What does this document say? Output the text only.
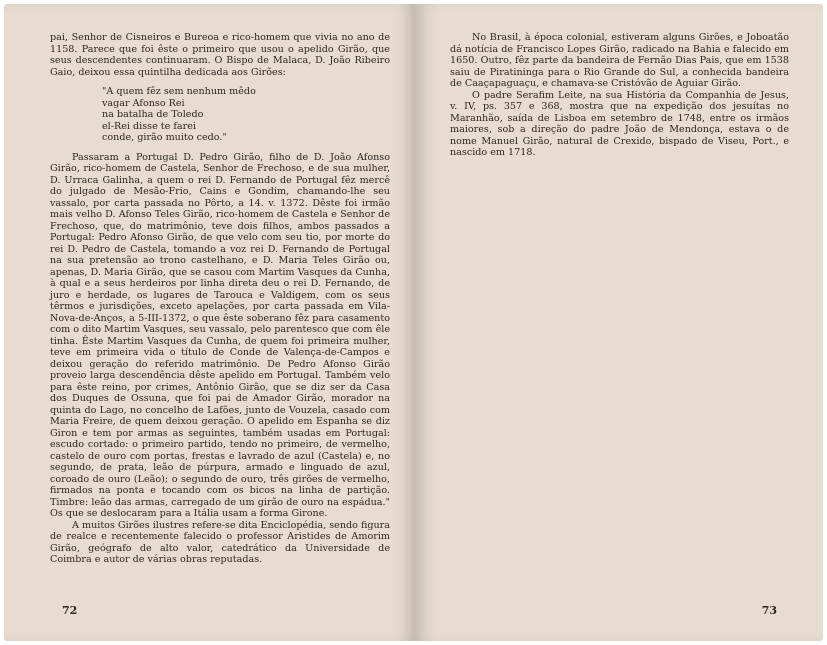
pai, Senhor de Cisneiros e Bureoa e rico-homem que vivia no ano de 1158. Parece que foi êste o primeiro que usou o apelido Girão, que seus descendentes continuaram. O Bispo de Malaca, D. João Ribeiro Gaio, deixou essa quintilha dedicada aos Girões:

"A quem fêz sem nenhum mêdo
vagar Afonso Rei
na batalha de Toledo
el-Rei disse te farei
conde, girão muito cedo."

Passaram a Portugal D. Pedro Girão, filho de D. João Afonso Girão, rico-homem de Castela, Senhor de Frechoso, e de sua mulher, D. Urraca Galinha, a quem o rei D. Fernando de Portugal fêz mercê do julgado de Mesão-Frio, Cains e Gondim, chamando-lhe seu vassalo, por carta passada no Pôrto, a 14. v. 1372. Dêste foi irmão mais velho D. Afonso Teles Girão, rico-homem de Castela e Senhor de Frechoso, que, do matrimônio, teve dois filhos, ambos passados a Portugal: Pedro Afonso Girão, de que velo com seu tio, por morte do rei D. Pedro de Castela, tomando a voz rei D. Fernando de Portugal na sua pretensão ao trono castelhano, e D. Maria Teles Girão ou, apenas, D. Maria Girão, que se casou com Martim Vasques da Cunha, à qual e a seus herdeiros por linha direta deu o rei D. Fernando, de juro e herdade, os lugares de Tarouca e Valdigem, com os seus têrmos e jurisdições, exceto apelações, por carta passada em Vila-Nova-de-Anços, a 5-III-1372, o que êste soberano fêz para casamento com o dito Martim Vasques, seu vassalo, pelo parentesco que com êle tinha. Êste Martim Vasques da Cunha, de quem foi primeira mulher, teve em primeira vida o título de Conde de Valença-de-Campos e deixou geração do referido matrimônio. De Pedro Afonso Girão proveio larga descendência dêste apelido em Portugal. Também velo para êste reino, por crimes, Antônio Girão, que se diz ser da Casa dos Duques de Ossuna, que foi pai de Amador Girão, morador na quinta do Lago, no concelho de Lafões, junto de Vouzela, casado com Maria Freire, de quem deixou geração. O apelido em Espanha se diz Giron e tem por armas as seguintes, também usadas em Portugal: escudo cortado: o primeiro partido, tendo no primeiro, de vermelho, castelo de ouro com portas, frestas e lavrado de azul (Castela) e, no segundo, de prata, leão de púrpura, armado e linguado de azul, coroado de ouro (Leão); o segundo de ouro, três girões de vermelho, firmados na ponta e tocando com os bicos na linha de partição. Timbre: leão das armas, carregado de um girão de ouro na espádua." Os que se deslocaram para a Itália usam a forma Girone.

A muitos Girões ilustres refere-se dita Enciclopédia, sendo figura de realce e recentemente falecido o professor Aristides de Amorim Girão, geógrafo de alto valor, catedrático da Universidade de Coimbra e autor de várias obras reputadas.

72

No Brasil, à época colonial, estiveram alguns Girões, e Joboatão dá notícia de Francisco Lopes Girão, radicado na Bahia e falecido em 1650. Outro, fêz parte da bandeira de Fernão Dias Pais, que em 1538 saiu de Piratininga para o Rio Grande do Sul, a conhecida bandeira de Caaçapaguaçu, e chamava-se Cristóvão de Aguiar Girão.

O padre Serafim Leite, na sua História da Companhia de Jesus, v. IV, ps. 357 e 368, mostra que na expedição dos jesuítas no Maranhão, saída de Lisboa em setembro de 1748, entre os irmãos maiores, sob a direção do padre João de Mendonça, estava o de nome Manuel Girão, natural de Crexido, bispado de Viseu, Port., e nascido em 1718.

73
